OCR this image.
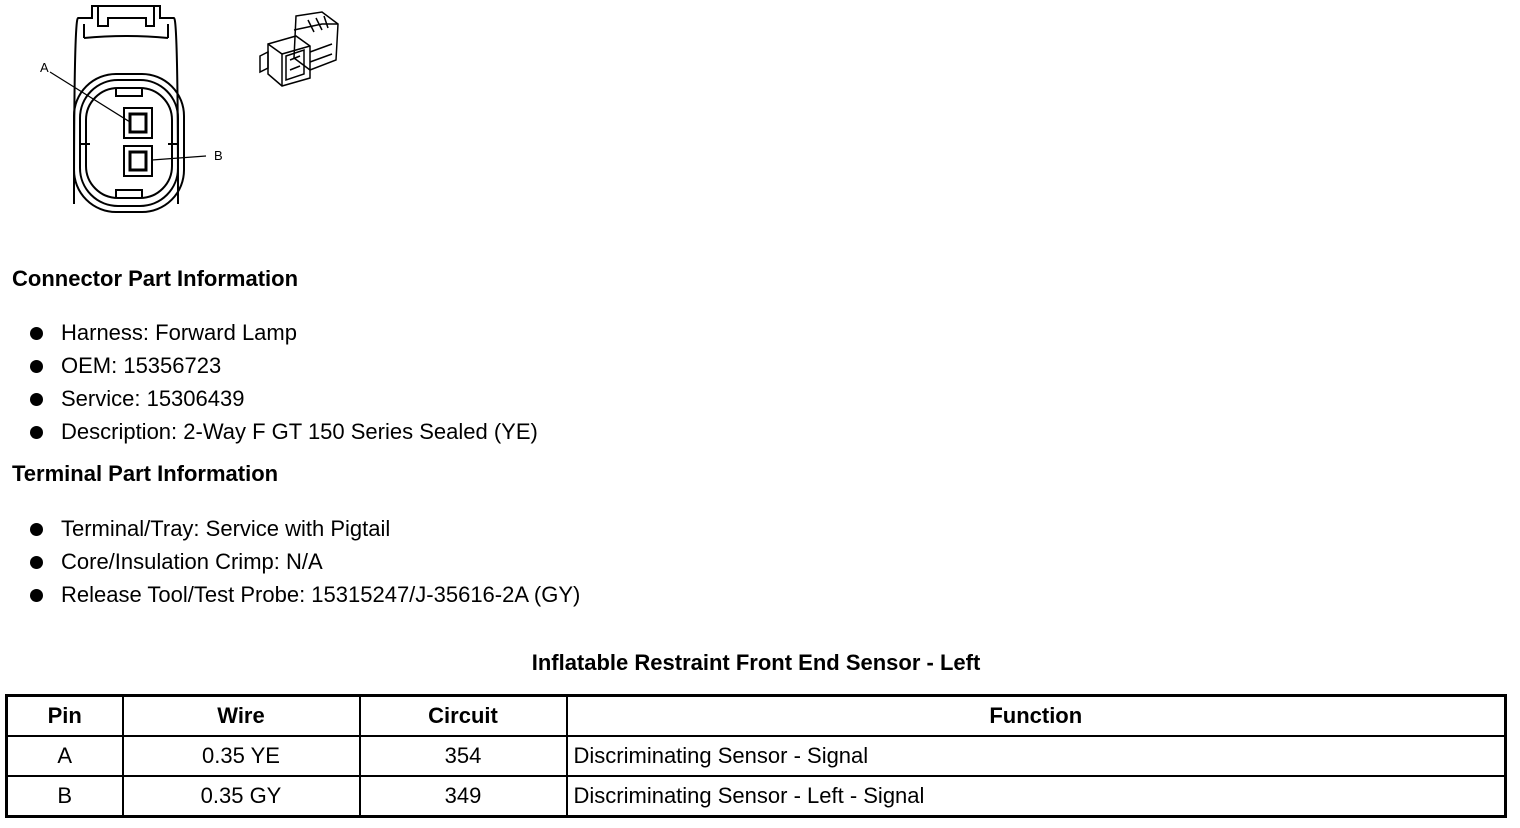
A
B
Connector Part Information
Harness: Forward Lamp
OEM: 15356723
Service: 15306439
Description: 2-Way F GT 150 Series Sealed (YE)
Terminal Part Information
Terminal/Tray: Service with Pigtail
Core/Insulation Crimp: N/A
Release Tool/Test Probe: 15315247/J-35616-2A (GY)
Inflatable Restraint Front End Sensor - Left
Pin	Wire	Circuit	Function
A	0.35 YE	354	Discriminating Sensor - Signal
B	0.35 GY	349	Discriminating Sensor - Left - Signal
